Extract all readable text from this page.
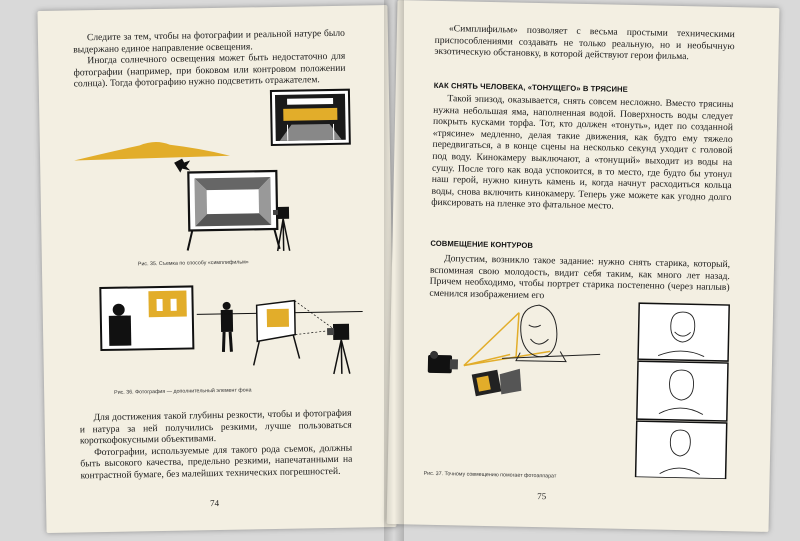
Следите за тем, чтобы на фотографии и реальной натуре было выдержано единое направление освещения.

Иногда солнечного освещения может быть недостаточно для фотографии (например, при боковом или контровом положении солнца). Тогда фотографию нужно подсветить отражателем.

Рис. 35. Съемка по способу «симплифильм»
Рис. 36. Фотография — дополнительный элемент фона

Для достижения такой глубины резкости, чтобы и фотография и натура за ней получились резкими, лучше пользоваться короткофокусными объективами.

Фотографии, используемые для такого рода съемок, должны быть высокого качества, предельно резкими, напечатанными на контрастной бумаге, без малейших технических погрешностей.

74

«Симплифильм» позволяет с весьма простыми техническими приспособлениями создавать не только реальную, но и необычную экзотическую обстановку, в которой действуют герои фильма.

КАК СНЯТЬ ЧЕЛОВЕКА, «ТОНУЩЕГО» В ТРЯСИНЕ

Такой эпизод, оказывается, снять совсем несложно. Вместо трясины нужна небольшая яма, наполненная водой. Поверхность воды следует покрыть кусками торфа. Тот, кто должен «тонуть», идет по созданной «трясине» медленно, делая такие движения, как будто ему тяжело передвигаться, а в конце сцены на несколько секунд уходит с головой под воду. Кинокамеру выключают, а «тонущий» выходит из воды на сушу. После того как вода успокоится, в то место, где будто бы утонул наш герой, нужно кинуть камень и, когда начнут расходиться кольца воды, снова включить кинокамеру. Теперь уже можете как угодно долго фиксировать на пленке это фатальное место.

СОВМЕЩЕНИЕ КОНТУРОВ

Допустим, возникло такое задание: нужно снять старика, который, вспоминая свою молодость, видит себя таким, как много лет назад. Причем необходимо, чтобы портрет старика постепенно (через наплыв) сменился изображением его

Рис. 37. Точному совмещению помогает фотоаппарат
75
